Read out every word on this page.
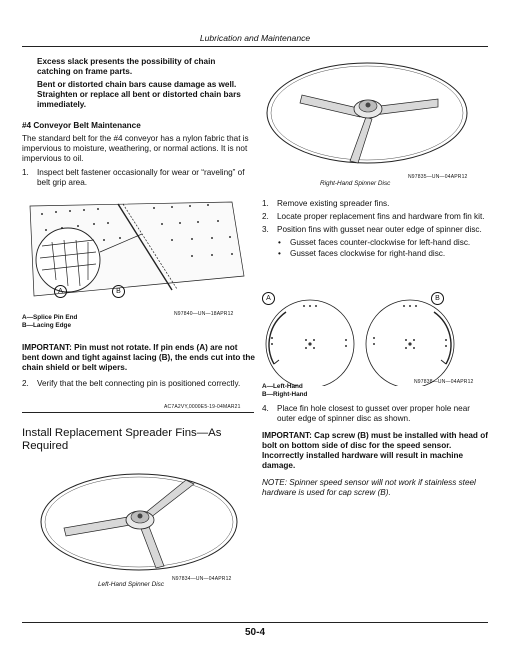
Lubrication and Maintenance
Excess slack presents the possibility of chain catching on frame parts.
Bent or distorted chain bars cause damage as well. Straighten or replace all bent or distorted chain bars immediately.
#4 Conveyor Belt Maintenance
The standard belt for the #4 conveyor has a nylon fabric that is impervious to moisture, weathering, or normal actions. It is not impervious to oil.
1. Inspect belt fastener occasionally for wear or “raveling” of belt grip area.
A	B
N97840—UN—18APR12
A—Splice Pin End
B—Lacing Edge
IMPORTANT: Pin must not rotate. If pin ends (A) are not bent down and tight against lacing (B), the ends cut into the chain shield or belt wipers.
2. Verify that the belt connecting pin is positioned correctly.
AC7A2VY,0000E5-19-04MAR21
Install Replacement Spreader Fins—As Required
N97834—UN—04APR12
Left-Hand Spinner Disc
N97835—UN—04APR12
Right-Hand Spinner Disc
1. Remove existing spreader fins.
2. Locate proper replacement fins and hardware from fin kit.
3. Position fins with gusset near outer edge of spinner disc.
• Gusset faces counter-clockwise for left-hand disc.
• Gusset faces clockwise for right-hand disc.
A	B
N97838—UN—04APR12
A—Left-Hand
B—Right-Hand
4. Place fin hole closest to gusset over proper hole near outer edge of spinner disc as shown.
IMPORTANT: Cap screw (B) must be installed with head of bolt on bottom side of disc for the speed sensor. Incorrectly installed hardware will result in machine damage.
NOTE: Spinner speed sensor will not work if stainless steel hardware is used for cap screw (B).
50-4
